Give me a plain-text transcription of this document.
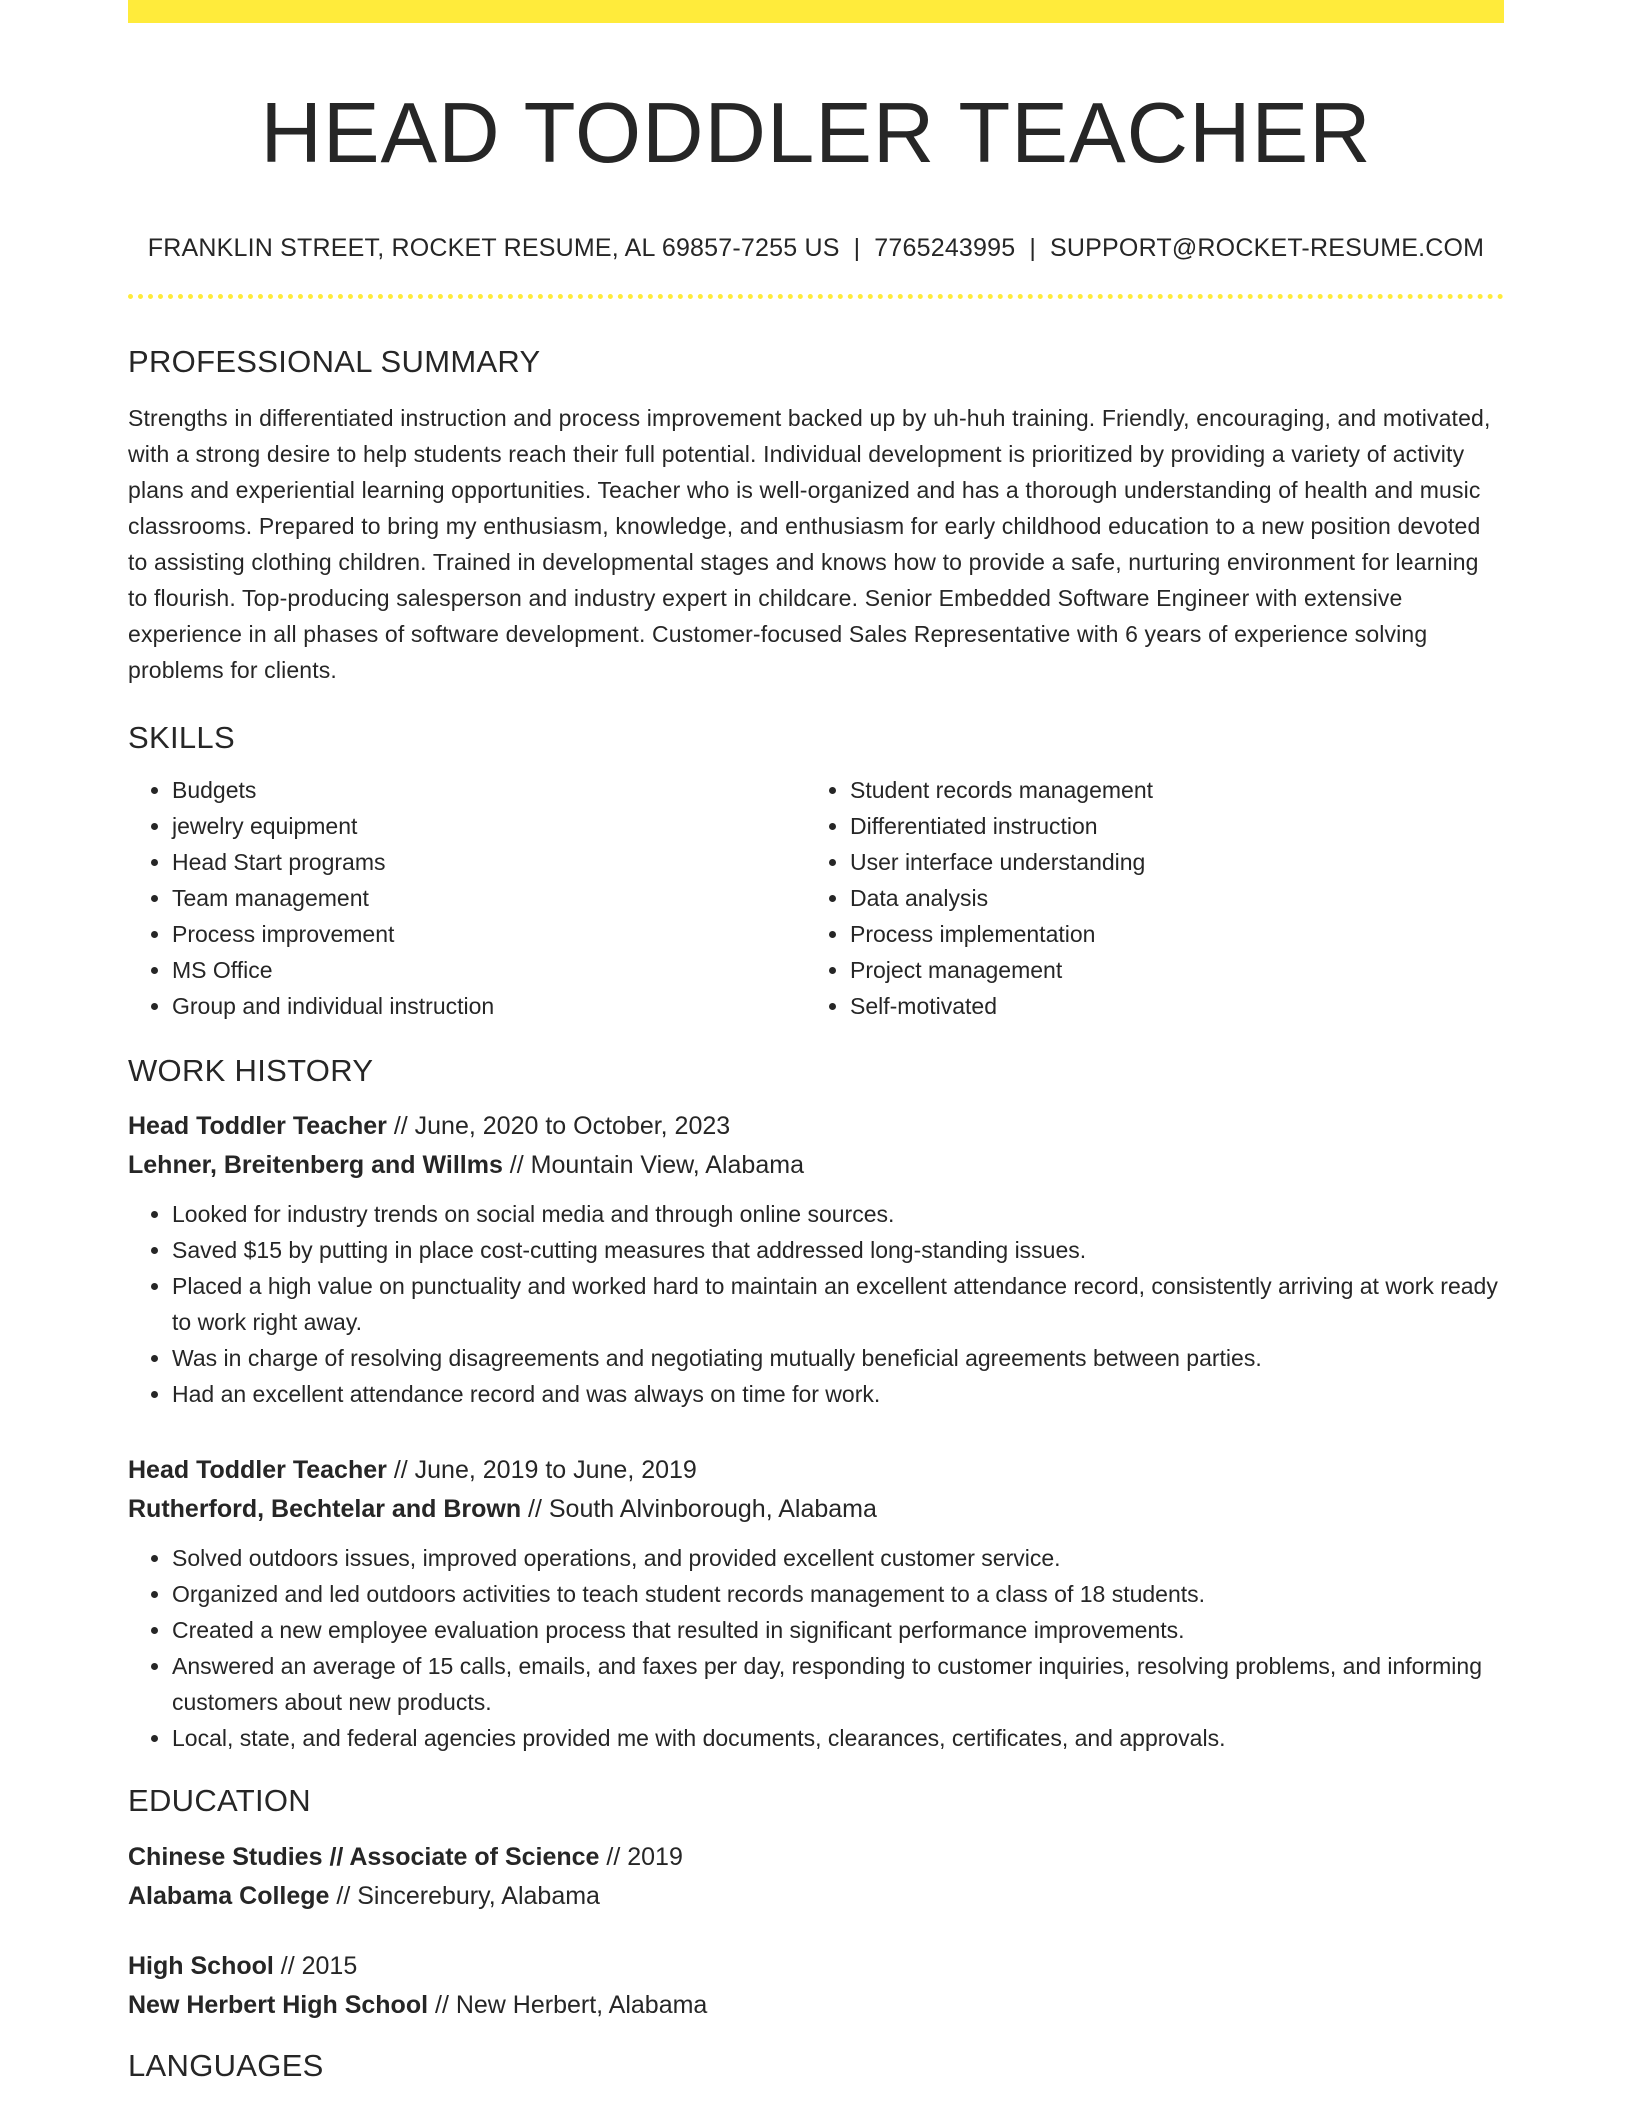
HEAD TODDLER TEACHER
FRANKLIN STREET, ROCKET RESUME, AL 69857-7255 US | 7765243995 | SUPPORT@ROCKET-RESUME.COM
PROFESSIONAL SUMMARY
Strengths in differentiated instruction and process improvement backed up by uh-huh training. Friendly, encouraging, and motivated, with a strong desire to help students reach their full potential. Individual development is prioritized by providing a variety of activity plans and experiential learning opportunities. Teacher who is well-organized and has a thorough understanding of health and music classrooms. Prepared to bring my enthusiasm, knowledge, and enthusiasm for early childhood education to a new position devoted to assisting clothing children. Trained in developmental stages and knows how to provide a safe, nurturing environment for learning to flourish. Top-producing salesperson and industry expert in childcare. Senior Embedded Software Engineer with extensive experience in all phases of software development. Customer-focused Sales Representative with 6 years of experience solving problems for clients.
SKILLS
• Budgets
• jewelry equipment
• Head Start programs
• Team management
• Process improvement
• MS Office
• Group and individual instruction
• Student records management
• Differentiated instruction
• User interface understanding
• Data analysis
• Process implementation
• Project management
• Self-motivated
WORK HISTORY
Head Toddler Teacher // June, 2020 to October, 2023
Lehner, Breitenberg and Willms // Mountain View, Alabama
• Looked for industry trends on social media and through online sources.
• Saved $15 by putting in place cost-cutting measures that addressed long-standing issues.
• Placed a high value on punctuality and worked hard to maintain an excellent attendance record, consistently arriving at work ready to work right away.
• Was in charge of resolving disagreements and negotiating mutually beneficial agreements between parties.
• Had an excellent attendance record and was always on time for work.
Head Toddler Teacher // June, 2019 to June, 2019
Rutherford, Bechtelar and Brown // South Alvinborough, Alabama
• Solved outdoors issues, improved operations, and provided excellent customer service.
• Organized and led outdoors activities to teach student records management to a class of 18 students.
• Created a new employee evaluation process that resulted in significant performance improvements.
• Answered an average of 15 calls, emails, and faxes per day, responding to customer inquiries, resolving problems, and informing customers about new products.
• Local, state, and federal agencies provided me with documents, clearances, certificates, and approvals.
EDUCATION
Chinese Studies // Associate of Science // 2019
Alabama College // Sincerebury, Alabama
High School // 2015
New Herbert High School // New Herbert, Alabama
LANGUAGES
